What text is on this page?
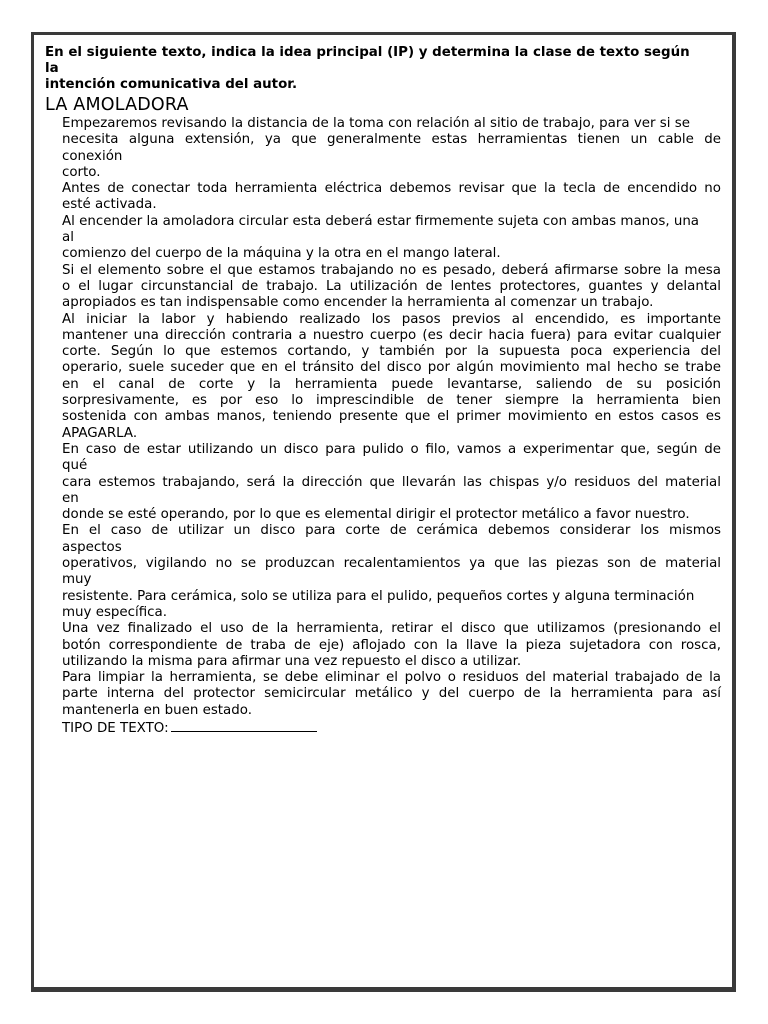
En el siguiente texto, indica la idea principal (IP) y determina la clase de texto según
la
intención comunicativa del autor.

LA AMOLADORA
Empezaremos revisando la distancia de la toma con relación al sitio de trabajo, para ver si se
necesita alguna extensión, ya que generalmente estas herramientas tienen un cable de
conexión
corto.
Antes de conectar toda herramienta eléctrica debemos revisar que la tecla de encendido no
esté activada.
Al encender la amoladora circular esta deberá estar firmemente sujeta con ambas manos, una
al
comienzo del cuerpo de la máquina y la otra en el mango lateral.
Si el elemento sobre el que estamos trabajando no es pesado, deberá afirmarse sobre la mesa
o el lugar circunstancial de trabajo. La utilización de lentes protectores, guantes y delantal
apropiados es tan indispensable como encender la herramienta al comenzar un trabajo.
Al iniciar la labor y habiendo realizado los pasos previos al encendido, es importante
mantener una dirección contraria a nuestro cuerpo (es decir hacia fuera) para evitar cualquier
corte. Según lo que estemos cortando, y también por la supuesta poca experiencia del
operario, suele suceder que en el tránsito del disco por algún movimiento mal hecho se trabe
en el canal de corte y la herramienta puede levantarse, saliendo de su posición
sorpresivamente, es por eso lo imprescindible de tener siempre la herramienta bien
sostenida con ambas manos, teniendo presente que el primer movimiento en estos casos es
APAGARLA.
En caso de estar utilizando un disco para pulido o filo, vamos a experimentar que, según de
qué
cara estemos trabajando, será la dirección que llevarán las chispas y/o residuos del material
en
donde se esté operando, por lo que es elemental dirigir el protector metálico a favor nuestro.
En el caso de utilizar un disco para corte de cerámica debemos considerar los mismos
aspectos
operativos, vigilando no se produzcan recalentamientos ya que las piezas son de material
muy
resistente. Para cerámica, solo se utiliza para el pulido, pequeños cortes y alguna terminación
muy específica.
Una vez finalizado el uso de la herramienta, retirar el disco que utilizamos (presionando el
botón correspondiente de traba de eje) aflojado con la llave la pieza sujetadora con rosca,
utilizando la misma para afirmar una vez repuesto el disco a utilizar.
Para limpiar la herramienta, se debe eliminar el polvo o residuos del material trabajado de la
parte interna del protector semicircular metálico y del cuerpo de la herramienta para así
mantenerla en buen estado.
TIPO DE TEXTO:
